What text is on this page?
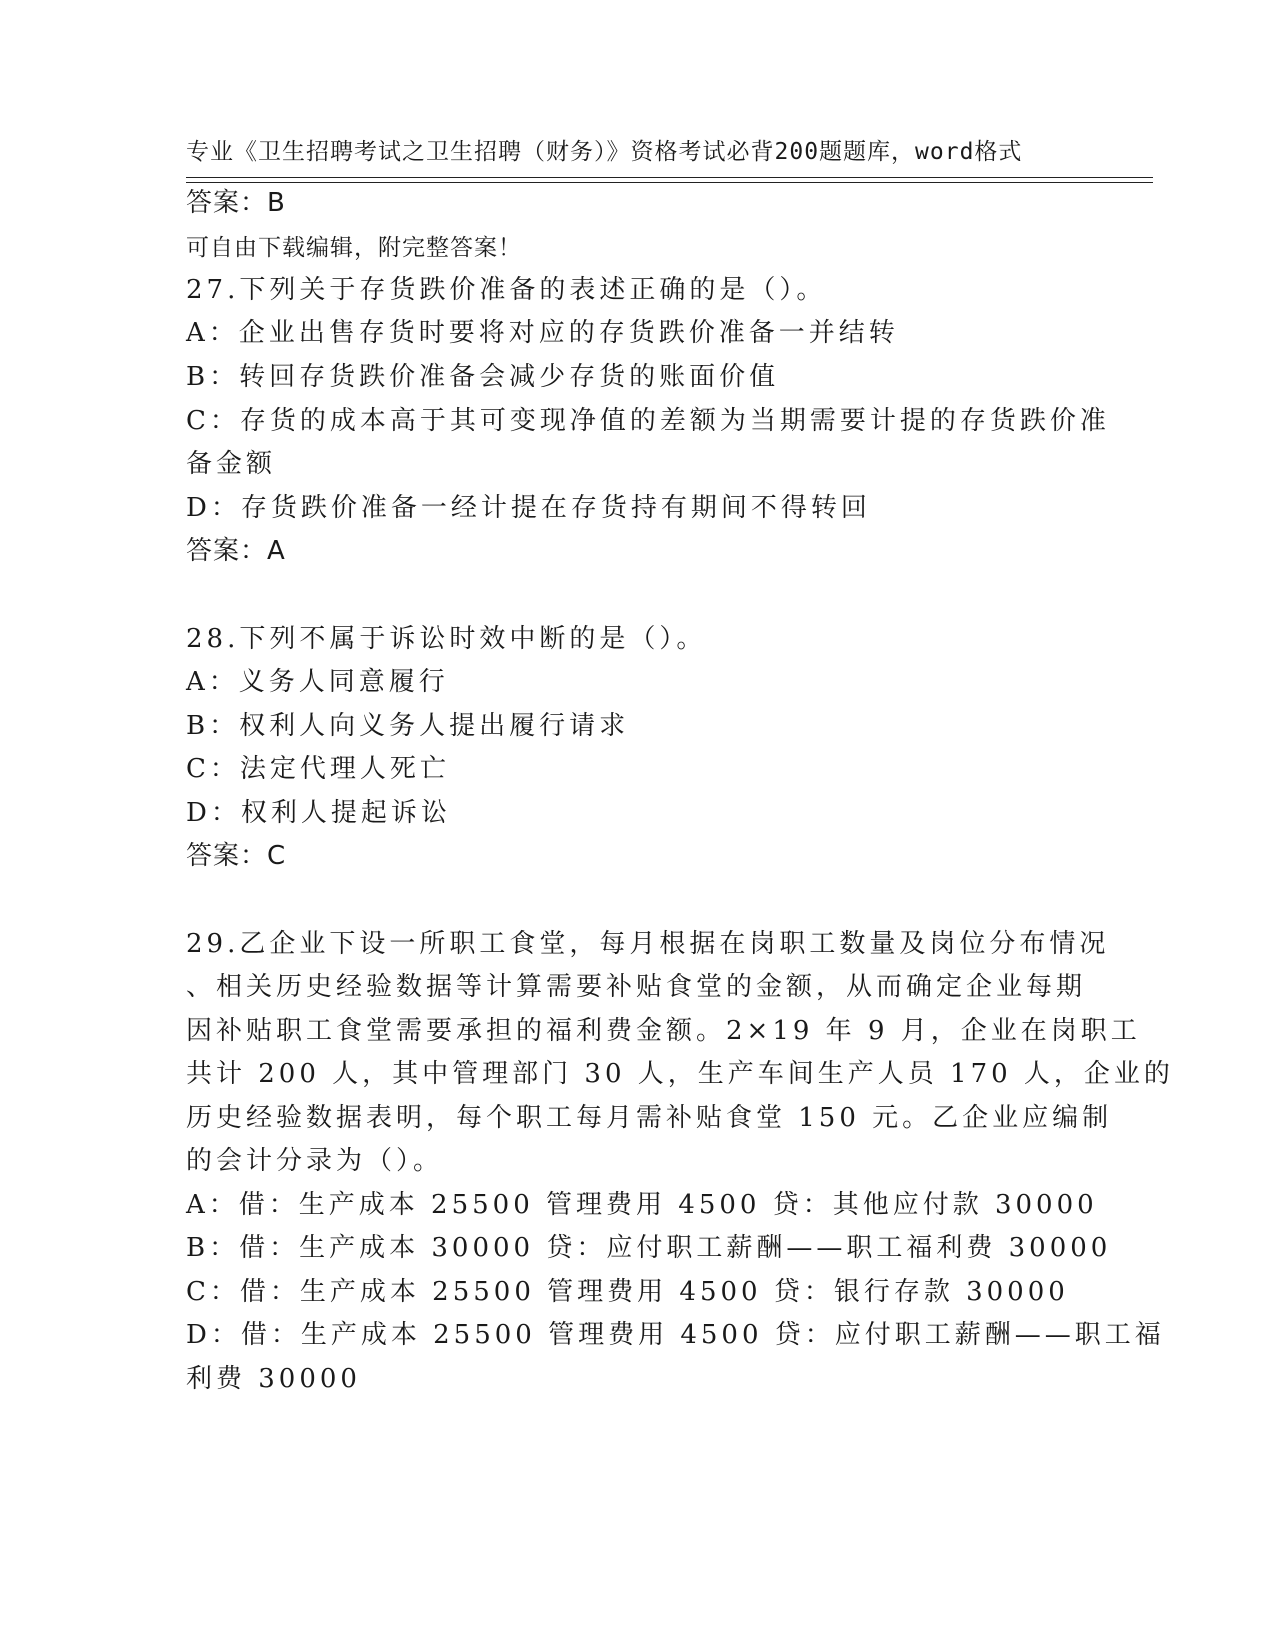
专业《卫生招聘考试之卫生招聘（财务）》资格考试必背200题题库，word格式

可自由下载编辑，附完整答案！

答案：B
27.下列关于存货跌价准备的表述正确的是（）。
A：企业出售存货时要将对应的存货跌价准备一并结转
B：转回存货跌价准备会减少存货的账面价值
C：存货的成本高于其可变现净值的差额为当期需要计提的存货跌价准
备金额
D：存货跌价准备一经计提在存货持有期间不得转回
答案：A
28.下列不属于诉讼时效中断的是（）。
A：义务人同意履行
B：权利人向义务人提出履行请求
C：法定代理人死亡
D：权利人提起诉讼
答案：C
29.乙企业下设一所职工食堂，每月根据在岗职工数量及岗位分布情况
、相关历史经验数据等计算需要补贴食堂的金额，从而确定企业每期
因补贴职工食堂需要承担的福利费金额。2×19 年 9 月，企业在岗职工
共计 200 人，其中管理部门 30 人，生产车间生产人员 170 人，企业的
历史经验数据表明，每个职工每月需补贴食堂 150 元。乙企业应编制
的会计分录为（）。
A：借：生产成本 25500 管理费用 4500 贷：其他应付款 30000
B：借：生产成本 30000 贷：应付职工薪酬——职工福利费 30000
C：借：生产成本 25500 管理费用 4500 贷：银行存款 30000
D：借：生产成本 25500 管理费用 4500 贷：应付职工薪酬——职工福
利费 30000
